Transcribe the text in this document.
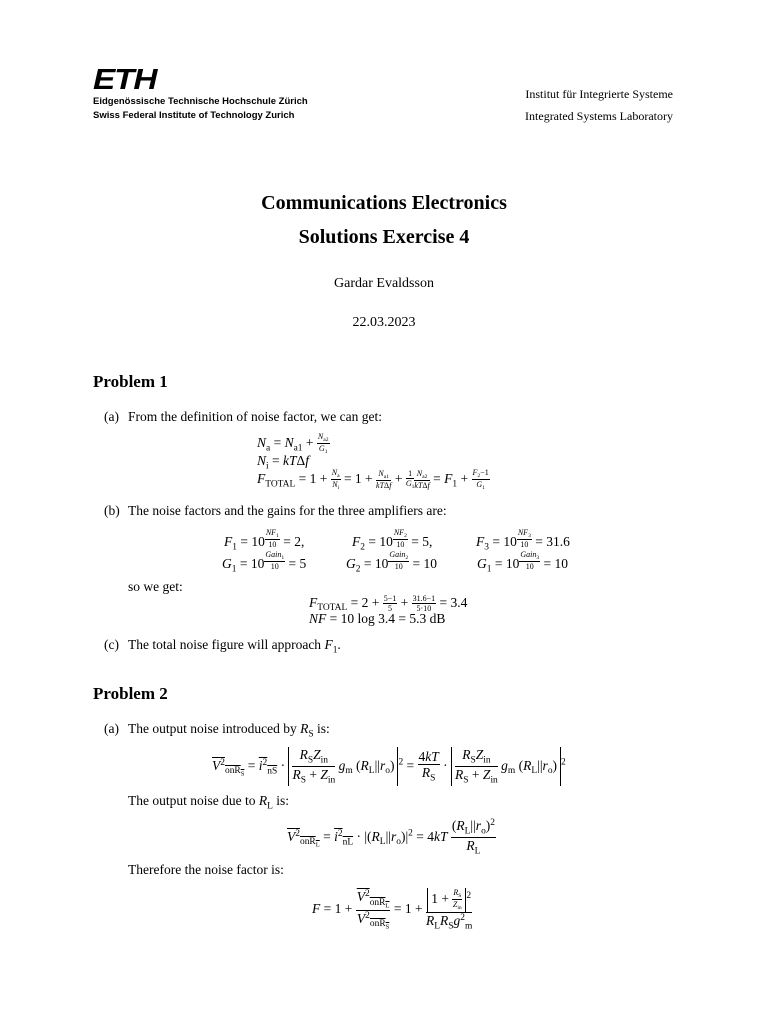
ETH
Eidgenössische Technische Hochschule Zürich
Swiss Federal Institute of Technology Zurich
Institut für Integrierte Systeme
Integrated Systems Laboratory
Communications Electronics
Solutions Exercise 4
Gardar Evaldsson
22.03.2023
Problem 1
(a) From the definition of noise factor, we can get:
$N_a = N_{a1} + \frac{N_{a2}}{G_1}$
$N_i = kT\Delta f$
$F_{TOTAL} = 1 + \frac{N_a}{N_i} = 1 + \frac{N_{a1}}{\text{kTΔf}} + \frac{1}{G_1} \frac{N_{a2}}{\text{kTΔf}} = F_1 + \frac{F_2-1}{G_1}$
(b) The noise factors and the gains for the three amplifiers are:
$F_1 = 10$ $^{\frac{NF_1}{10}}$ = 2,	$F_2 = 10$ $^{\frac{NF_2}{10}}$ = 5,	$F_3 = 10$ $^{\frac{NF_3}{10}}$ = 31.6
$G_1 = 10$ $^{\frac{Gain_1}{10}}$ = 5	$G_2 = 10$ $^{\frac{Gain_2}{10}}$ = 10	$G_1 = 10$ $^{\frac{Gain_3}{10}}$ = 10
so we get:
$F_{TOTAL} = 2 + \frac{5-1}{5} + \frac{31.6-1}{5\cdot 10} = 3.4$
NF = 10 log 3.4 = 5.3 dB
(c) The total noise figure will approach $F_1$.
Problem 2
(a) The output noise introduced by $R_S$ is:
$V^2_{onR_S} = i^2_{nS} \cdot \frac{R_SZ_{in}}{R_S + Z_{in}} g_m$ $(R_L||r_o) ^2 = \frac{4kT}{R_S} \cdot \frac{R_SZ_{in}}{R_S + Z_{in}} g_m$ $(R_L||r_o)$ $^2$
The output noise due to $R_L$ is:
$V^2_{onR_L} = i^2_{nL} \cdot |(R_L||r_o)|^2 = 4kT \frac{(R_L||r_o)^2}{R_L}$
Therefore the noise factor is:
$F = 1 + \frac{V^2_{onR_L}}{V^2_{onR_S}} = 1 + \frac{1 + \frac{R_S}{Z_{in}} ^2}{R_LR_Sg^2_m}$
